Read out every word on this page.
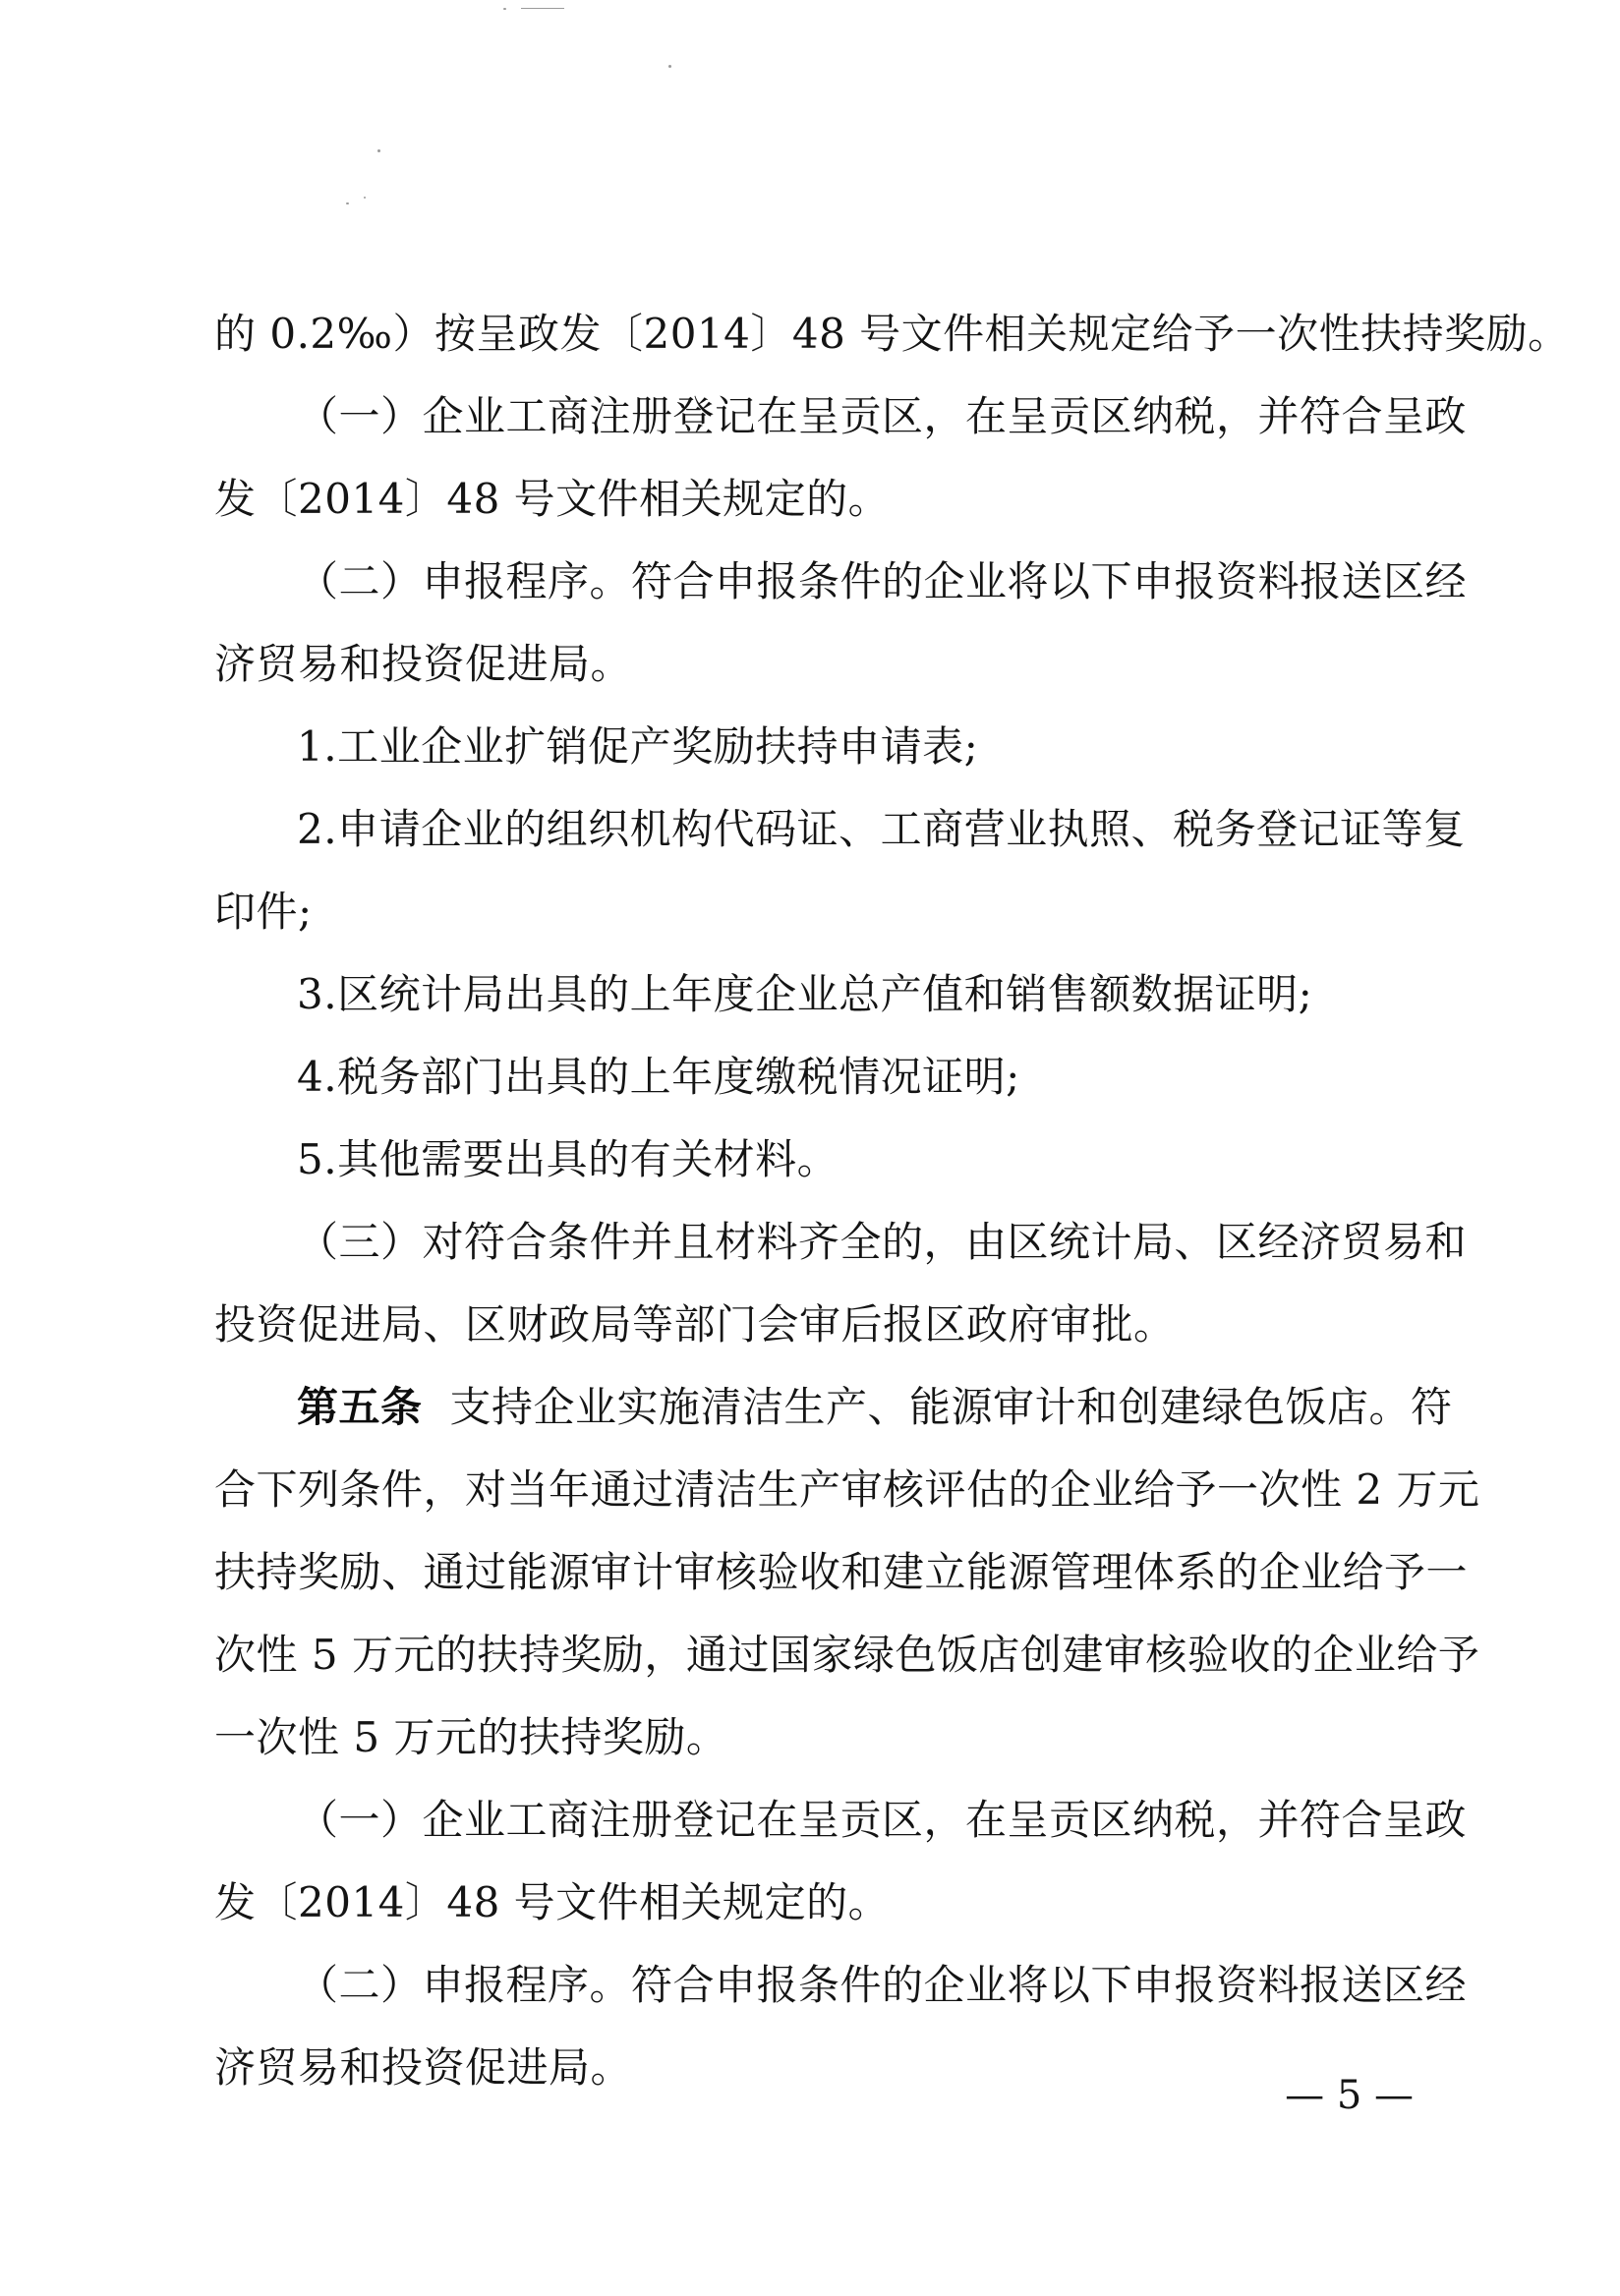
的 0.2‰）按呈政发〔2014〕48 号文件相关规定给予一次性扶持奖励。
（一）企业工商注册登记在呈贡区，在呈贡区纳税，并符合呈政
发〔2014〕48 号文件相关规定的。
（二）申报程序。符合申报条件的企业将以下申报资料报送区经
济贸易和投资促进局。
1.工业企业扩销促产奖励扶持申请表;
2.申请企业的组织机构代码证、工商营业执照、税务登记证等复
印件;
3.区统计局出具的上年度企业总产值和销售额数据证明;
4.税务部门出具的上年度缴税情况证明;
5.其他需要出具的有关材料。
（三）对符合条件并且材料齐全的，由区统计局、区经济贸易和
投资促进局、区财政局等部门会审后报区政府审批。
第五条 支持企业实施清洁生产、能源审计和创建绿色饭店。符
合下列条件，对当年通过清洁生产审核评估的企业给予一次性 2 万元
扶持奖励、通过能源审计审核验收和建立能源管理体系的企业给予一
次性 5 万元的扶持奖励，通过国家绿色饭店创建审核验收的企业给予
一次性 5 万元的扶持奖励。
（一）企业工商注册登记在呈贡区，在呈贡区纳税，并符合呈政
发〔2014〕48 号文件相关规定的。
（二）申报程序。符合申报条件的企业将以下申报资料报送区经
济贸易和投资促进局。
— 5 —
